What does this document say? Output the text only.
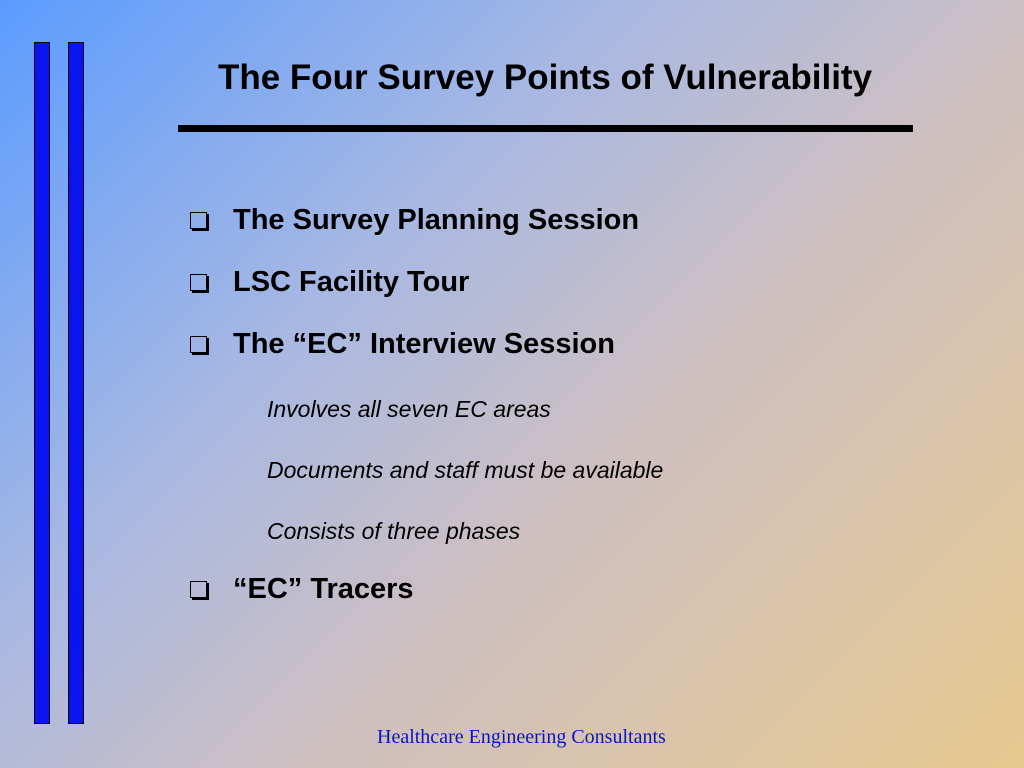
The Four Survey Points of Vulnerability
The Survey Planning Session
LSC Facility Tour
The “EC” Interview Session
Involves all seven EC areas
Documents and staff must be available
Consists of three phases
“EC” Tracers
Healthcare Engineering Consultants
